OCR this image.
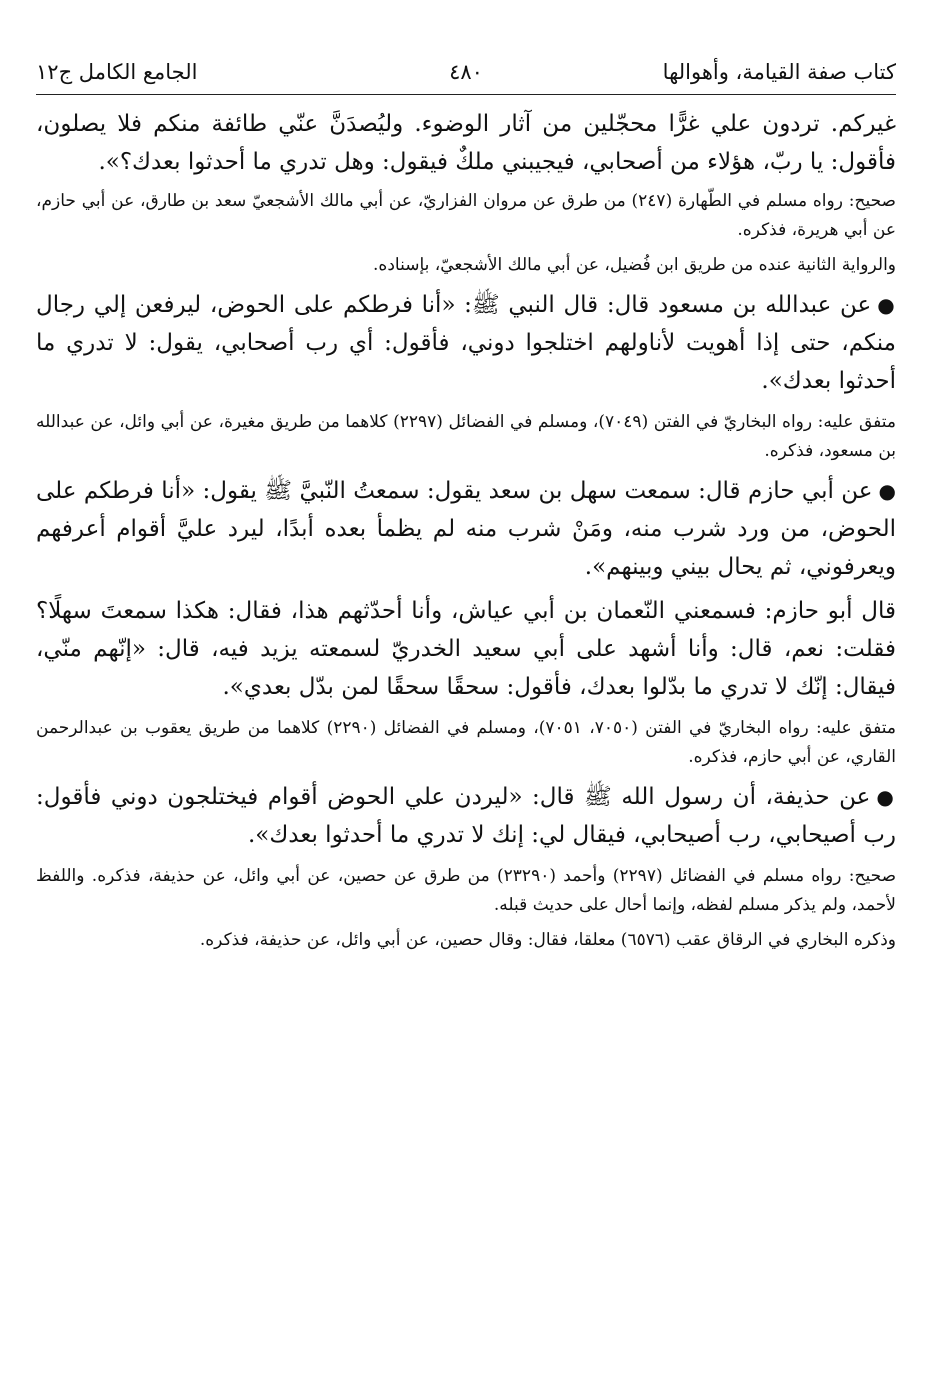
كتاب صفة القيامة، وأهوالها
٤٨٠
الجامع الكامل ج١٢

غيركم. تردون علي غرًّا محجّلين من آثار الوضوء. وليُصدَنَّ عنّي طائفة منكم فلا يصلون، فأقول: يا ربّ، هؤلاء من أصحابي، فيجيبني ملكٌ فيقول: وهل تدري ما أحدثوا بعدك؟».

صحيح: رواه مسلم في الطّهارة (٢٤٧) من طرق عن مروان الفزاريّ، عن أبي مالك الأشجعيّ سعد بن طارق، عن أبي حازم، عن أبي هريرة، فذكره.

والرواية الثانية عنده من طريق ابن فُضيل، عن أبي مالك الأشجعيّ، بإسناده.

●عن عبدالله بن مسعود قال: قال النبي ﷺ: «أنا فرطكم على الحوض، ليرفعن إلي رجال منكم، حتى إذا أهويت لأناولهم اختلجوا دوني، فأقول: أي رب أصحابي، يقول: لا تدري ما أحدثوا بعدك».

متفق عليه: رواه البخاريّ في الفتن (٧٠٤٩)، ومسلم في الفضائل (٢٢٩٧) كلاهما من طريق مغيرة، عن أبي وائل، عن عبدالله بن مسعود، فذكره.

●عن أبي حازم قال: سمعت سهل بن سعد يقول: سمعتُ النّبيَّ ﷺ يقول: «أنا فرطكم على الحوض، من ورد شرب منه، ومَنْ شرب منه لم يظمأ بعده أبدًا، ليرد عليَّ أقوام أعرفهم ويعرفوني، ثم يحال بيني وبينهم».

قال أبو حازم: فسمعني النّعمان بن أبي عياش، وأنا أحدّثهم هذا، فقال: هكذا سمعتَ سهلًا؟ فقلت: نعم، قال: وأنا أشهد على أبي سعيد الخدريّ لسمعته يزيد فيه، قال: «إنّهم منّي، فيقال: إنّك لا تدري ما بدّلوا بعدك، فأقول: سحقًا سحقًا لمن بدّل بعدي».

متفق عليه: رواه البخاريّ في الفتن (٧٠٥٠، ٧٠٥١)، ومسلم في الفضائل (٢٢٩٠) كلاهما من طريق يعقوب بن عبدالرحمن القاري، عن أبي حازم، فذكره.

●عن حذيفة، أن رسول الله ﷺ قال: «ليردن علي الحوض أقوام فيختلجون دوني فأقول: رب أصيحابي، رب أصيحابي، فيقال لي: إنك لا تدري ما أحدثوا بعدك».

صحيح: رواه مسلم في الفضائل (٢٢٩٧) وأحمد (٢٣٢٩٠) من طرق عن حصين، عن أبي وائل، عن حذيفة، فذكره. واللفظ لأحمد، ولم يذكر مسلم لفظه، وإنما أحال على حديث قبله.

وذكره البخاري في الرقاق عقب (٦٥٧٦) معلقا، فقال: وقال حصين، عن أبي وائل، عن حذيفة، فذكره.
